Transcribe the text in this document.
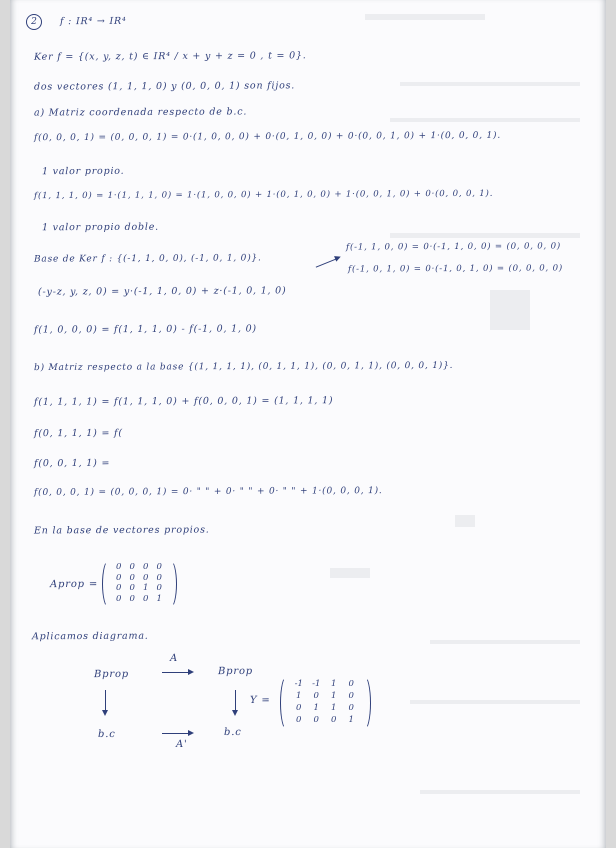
2	f : IR⁴ → IR⁴
Ker f = {(x, y, z, t) ∈ IR⁴ / x + y + z = 0 , t = 0}.
dos vectores (1, 1, 1, 0) y (0, 0, 0, 1) son fijos.
a) Matriz coordenada respecto de b.c.
f(0, 0, 0, 1) = (0, 0, 0, 1) = 0·(1, 0, 0, 0) + 0·(0, 1, 0, 0) + 0·(0, 0, 1, 0) + 1·(0, 0, 0, 1).
1 valor propio.
f(1, 1, 1, 0) = 1·(1, 1, 1, 0) = 1·(1, 0, 0, 0) + 1·(0, 1, 0, 0) + 1·(0, 0, 1, 0) + 0·(0, 0, 0, 1).
1 valor propio doble.
Base de Ker f : {(-1, 1, 0, 0), (-1, 0, 1, 0)}.
f(-1, 1, 0, 0) = 0·(-1, 1, 0, 0) = (0, 0, 0, 0)
f(-1, 0, 1, 0) = 0·(-1, 0, 1, 0) = (0, 0, 0, 0)
(-y-z, y, z, 0) = y·(-1, 1, 0, 0) + z·(-1, 0, 1, 0)
f(1, 0, 0, 0) = f(1, 1, 1, 0) - f(-1, 0, 1, 0)
b) Matriz respecto a la base {(1, 1, 1, 1), (0, 1, 1, 1), (0, 0, 1, 1), (0, 0, 0, 1)}.
f(1, 1, 1, 1) = f(1, 1, 1, 0) + f(0, 0, 0, 1) = (1, 1, 1, 1)
f(0, 1, 1, 1) = f(
f(0, 0, 1, 1) =
f(0, 0, 0, 1) = (0, 0, 0, 1) = 0· " " + 0· " " + 0· " " + 1·(0, 0, 0, 1).
En la base de vectores propios.
Aprop =
0 0 0 0
0 0 0 0
0 0 1 0
0 0 0 1
Aplicamos diagrama.
A
Bprop	Bprop
Y =
-1 -1 1 0
1 0 1 0
0 1 1 0
0 0 0 1
b.c
A'
b.c
